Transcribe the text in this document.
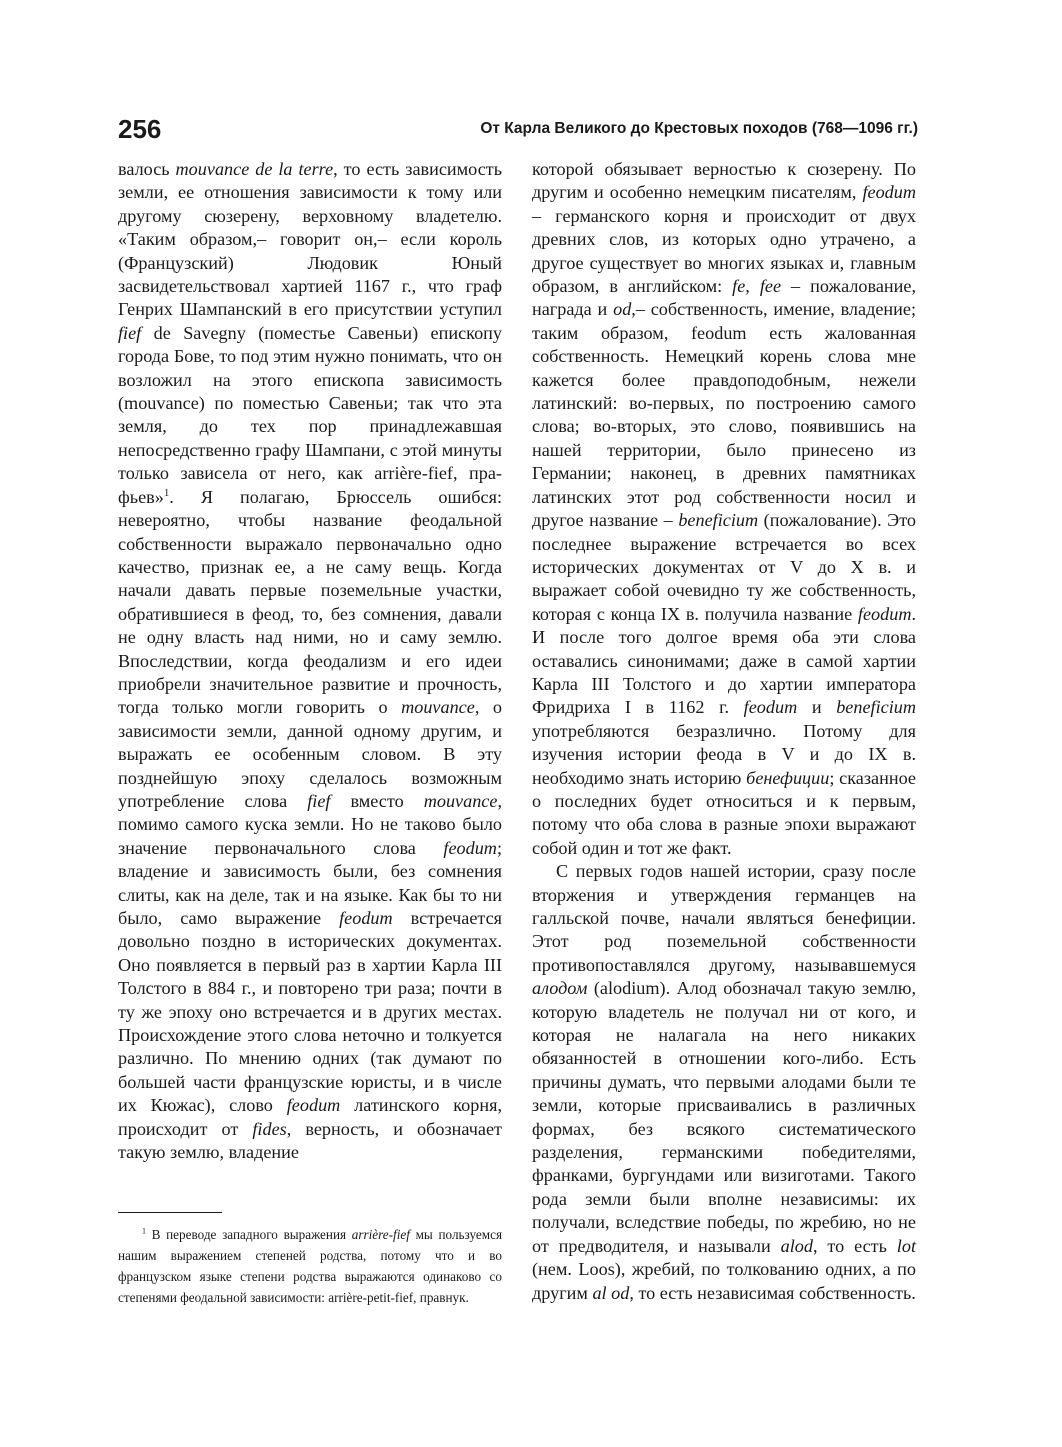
256	От Карла Великого до Крестовых походов (768—1096 гг.)

валось mouvance de la terre, то есть зависимость земли, ее отношения зависимости к тому или другому сюзерену, верховному владетелю. «Таким образом,– говорит он,– если король (Французский) Людовик Юный засвидетельствовал хартией 1167 г., что граф Генрих Шампанский в его присутствии уступил fief de Savegny (поместье Савеньи) епископу города Бове, то под этим нужно понимать, что он возложил на этого епископа зависимость (mouvance) по поместью Савеньи; так что эта земля, до тех пор принадлежавшая непосредственно графу Шампани, с этой минуты только зависела от него, как arrière-fief, пра-фьев»$^1$. Я полагаю, Брюссель ошибся: невероятно, чтобы название феодальной собственности выражало первоначально одно качество, признак ее, а не саму вещь. Когда начали давать первые поземельные участки, обратившиеся в феод, то, без сомнения, давали не одну власть над ними, но и саму землю. Впоследствии, когда феодализм и его идеи приобрели значительное развитие и прочность, тогда только могли говорить о mouvance, о зависимости земли, данной одному другим, и выражать ее особенным словом. В эту позднейшую эпоху сделалось возможным употребление слова fief вместо mouvance, помимо самого куска земли. Но не таково было значение первоначального слова feodum; владение и зависимость были, без сомнения слиты, как на деле, так и на языке. Как бы то ни было, само выражение feodum встречается довольно поздно в исторических документах. Оно появляется в первый раз в хартии Карла III Толстого в 884 г., и повторено три раза; почти в ту же эпоху оно встречается и в других местах. Происхождение этого слова неточно и толкуется различно. По мнению одних (так думают по большей части французские юристы, и в числе их Кюжас), слово feodum латинского корня, происходит от fides, верность, и обозначает такую землю, владение

которой обязывает верностью к сюзерену. По другим и особенно немецким писателям, feodum – германского корня и происходит от двух древних слов, из которых одно утрачено, а другое существует во многих языках и, главным образом, в английском: fe, fee – пожалование, награда и od,– собственность, имение, владение; таким образом, feodum есть жалованная собственность. Немецкий корень слова мне кажется более правдоподобным, нежели латинский: во-первых, по построению самого слова; во-вторых, это слово, появившись на нашей территории, было принесено из Германии; наконец, в древних памятниках латинских этот род собственности носил и другое название – beneficium (пожалование). Это последнее выражение встречается во всех исторических документах от V до X в. и выражает собой очевидно ту же собственность, которая с конца IX в. получила название feodum. И после того долгое время оба эти слова оставались синонимами; даже в самой хартии Карла III Толстого и до хартии императора Фридриха I в 1162 г. feodum и beneficium употребляются безразлично. Потому для изучения истории феода в V и до IX в. необходимо знать историю бенефиции; сказанное о последних будет относиться и к первым, потому что оба слова в разные эпохи выражают собой один и тот же факт.

С первых годов нашей истории, сразу после вторжения и утверждения германцев на галльской почве, начали являться бенефиции. Этот род поземельной собственности противопоставлялся другому, называвшемуся алодом (alodium). Алод обозначал такую землю, которую владетель не получал ни от кого, и которая не налагала на него никаких обязанностей в отношении кого-либо. Есть причины думать, что первыми алодами были те земли, которые присваивались в различных формах, без всякого систематического разделения, германскими победителями, франками, бургундами или визиготами. Такого рода земли были вполне независимы: их получали, вследствие победы, по жребию, но не от предводителя, и называли alod, то есть lot (нем. Loos), жребий, по толкованию одних, а по другим al od, то есть независимая собственность.

$^1$ В переводе западного выражения arrière-fief мы пользуемся нашим выражением степеней родства, потому что и во французском языке степени родства выражаются одинаково со степенями феодальной зависимости: arrière-petit-fief, правнук.
